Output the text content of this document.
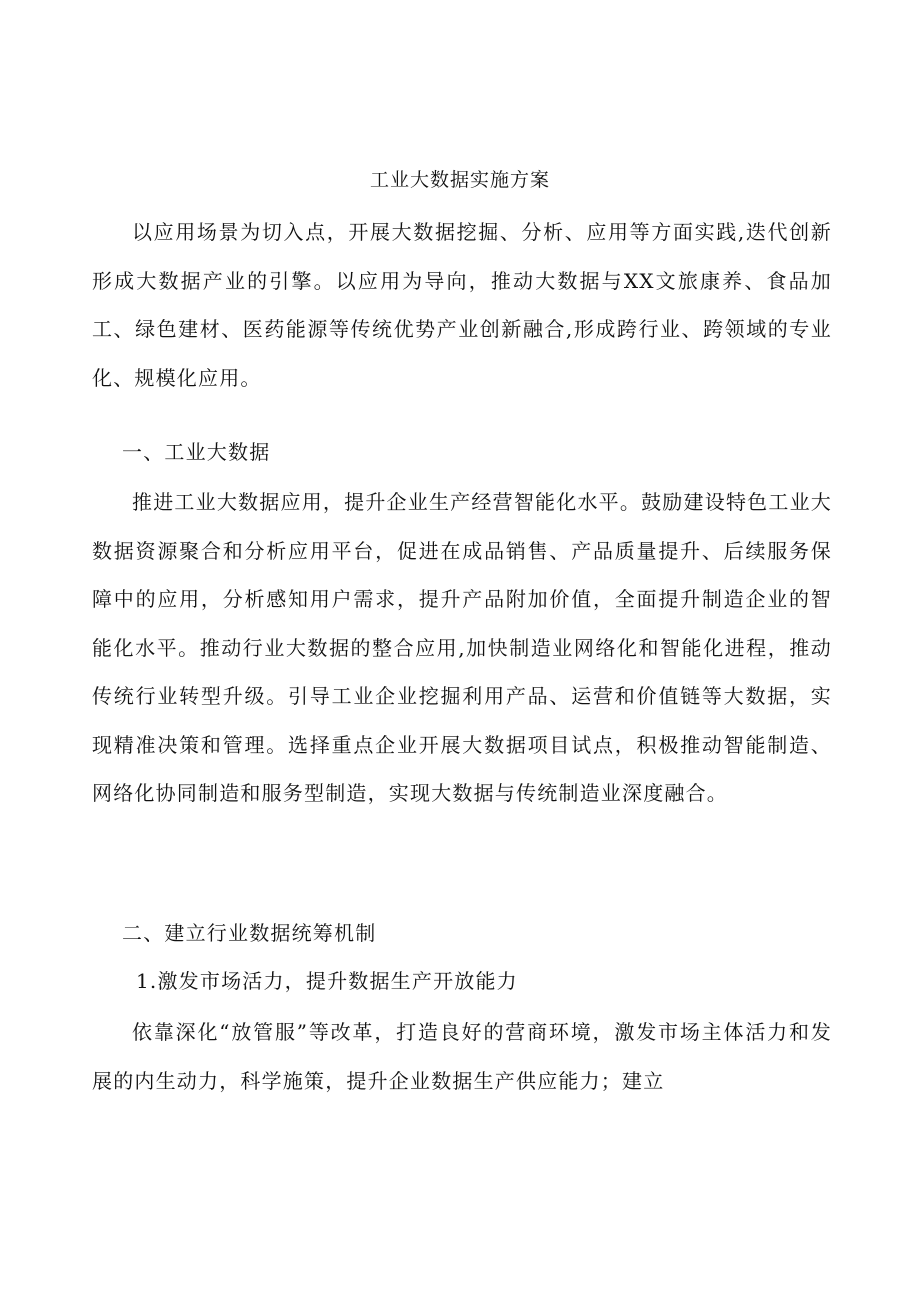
工业大数据实施方案

以应用场景为切入点，开展大数据挖掘、分析、应用等方面实践,迭代创新形成大数据产业的引擎。以应用为导向，推动大数据与XX文旅康养、食品加工、绿色建材、医药能源等传统优势产业创新融合,形成跨行业、跨领域的专业化、规模化应用。

一、工业大数据

推进工业大数据应用，提升企业生产经营智能化水平。鼓励建设特色工业大数据资源聚合和分析应用平台，促进在成品销售、产品质量提升、后续服务保障中的应用，分析感知用户需求，提升产品附加价值，全面提升制造企业的智能化水平。推动行业大数据的整合应用,加快制造业网络化和智能化进程，推动传统行业转型升级。引导工业企业挖掘利用产品、运营和价值链等大数据，实现精准决策和管理。选择重点企业开展大数据项目试点，积极推动智能制造、网络化协同制造和服务型制造，实现大数据与传统制造业深度融合。

二、建立行业数据统筹机制

1.激发市场活力，提升数据生产开放能力

依靠深化“放管服”等改革，打造良好的营商环境，激发市场主体活力和发展的内生动力，科学施策，提升企业数据生产供应能力；建立
